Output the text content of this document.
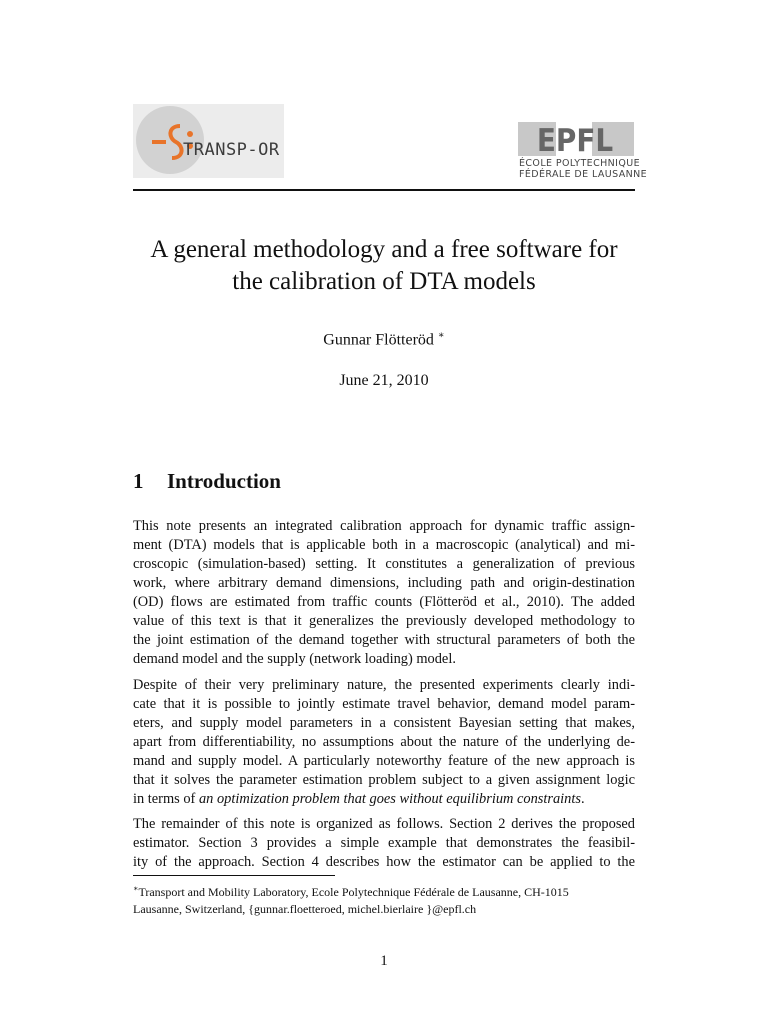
TRANSP-OR	EPFL
ÉCOLE POLYTECHNIQUE
FÉDÉRALE DE LAUSANNE
A general methodology and a free software for
the calibration of DTA models
Gunnar Flötteröd ∗
June 21, 2010
1 Introduction
This note presents an integrated calibration approach for dynamic traffic assign-
ment (DTA) models that is applicable both in a macroscopic (analytical) and mi-
croscopic (simulation-based) setting. It constitutes a generalization of previous
work, where arbitrary demand dimensions, including path and origin-destination
(OD) flows are estimated from traffic counts (Flötteröd et al., 2010). The added
value of this text is that it generalizes the previously developed methodology to
the joint estimation of the demand together with structural parameters of both the
demand model and the supply (network loading) model.
Despite of their very preliminary nature, the presented experiments clearly indi-
cate that it is possible to jointly estimate travel behavior, demand model param-
eters, and supply model parameters in a consistent Bayesian setting that makes,
apart from differentiability, no assumptions about the nature of the underlying de-
mand and supply model. A particularly noteworthy feature of the new approach is
that it solves the parameter estimation problem subject to a given assignment logic
in terms of an optimization problem that goes without equilibrium constraints.
The remainder of this note is organized as follows. Section 2 derives the proposed
estimator. Section 3 provides a simple example that demonstrates the feasibil-
ity of the approach. Section 4 describes how the estimator can be applied to the
∗Transport and Mobility Laboratory, Ecole Polytechnique Fédérale de Lausanne, CH-1015
Lausanne, Switzerland, {gunnar.floetteroed, michel.bierlaire }@epfl.ch
1
